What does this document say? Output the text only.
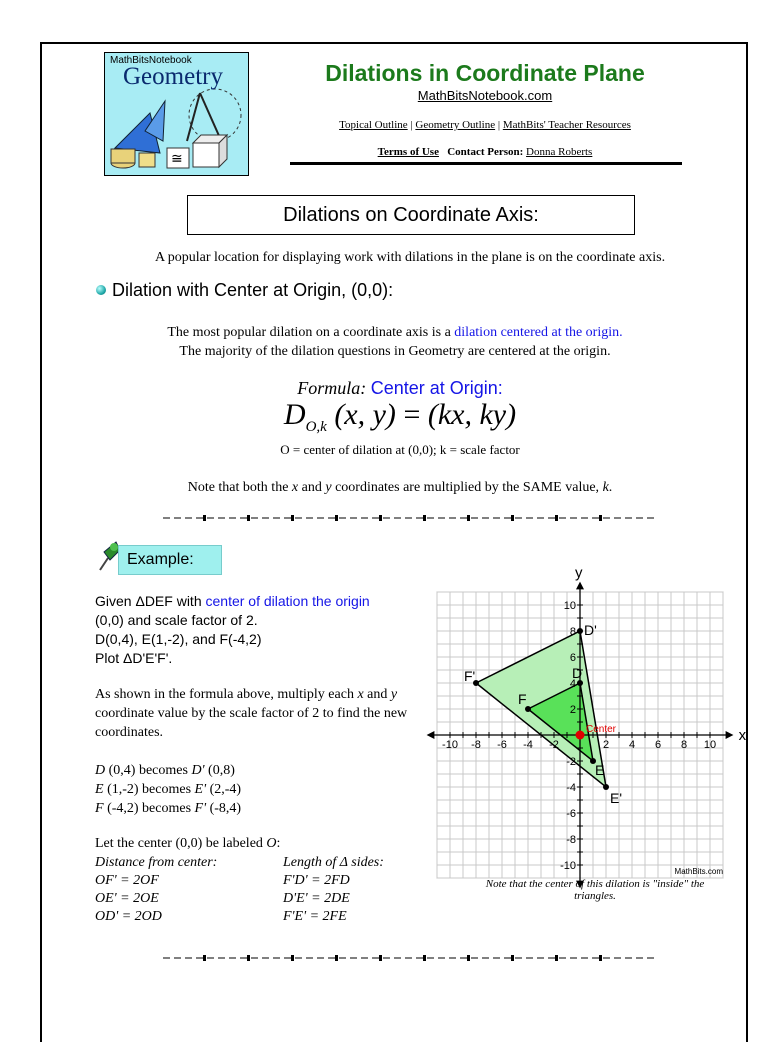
≅
MathBitsNotebook
Geometry	Dilations in Coordinate Plane
MathBitsNotebook.com
Topical Outline | Geometry Outline | MathBits' Teacher Resources
Terms of Use Contact Person: Donna Roberts
Dilations on Coordinate Axis:
A popular location for displaying work with dilations in the plane is on the coordinate axis.
Dilation with Center at Origin, (0,0):
The most popular dilation on a coordinate axis is a dilation centered at the origin.
The majority of the dilation questions in Geometry are centered at the origin.
Formula: Center at Origin:
$D_{O,k}$ (x, y) = (kx, ky)
O = center of dilation at (0,0); k = scale factor
Note that both the x and y coordinates are multiplied by the SAME value, k.
Example:
Given ΔDEF with center of dilation the origin
(0,0) and scale factor of 2.
D(0,4), E(1,-2), and F(-4,2)
Plot ΔD'E'F'.
As shown in the formula above, multiply each x and y coordinate value by the scale factor of 2 to find the new coordinates.
D (0,4) becomes D' (0,8)
E (1,-2) becomes E' (2,-4)
F (-4,2) becomes F' (-8,4)
Let the center (0,0) be labeled O:
Distance from center:	Length of Δ sides:
OF' = 2OF	F'D' = 2FD
OE' = 2OE	D'E' = 2DE
OD' = 2OD	F'E' = 2FE
-10 -8 -6 -4 -2	2 4 6 8 10
10
8
6
4
2
-2
-4
-6
-8
-10
x
y
D'
D
F
F'
E
E'
Center
MathBits.com
Note that the center of this dilation is "inside" the triangles.
